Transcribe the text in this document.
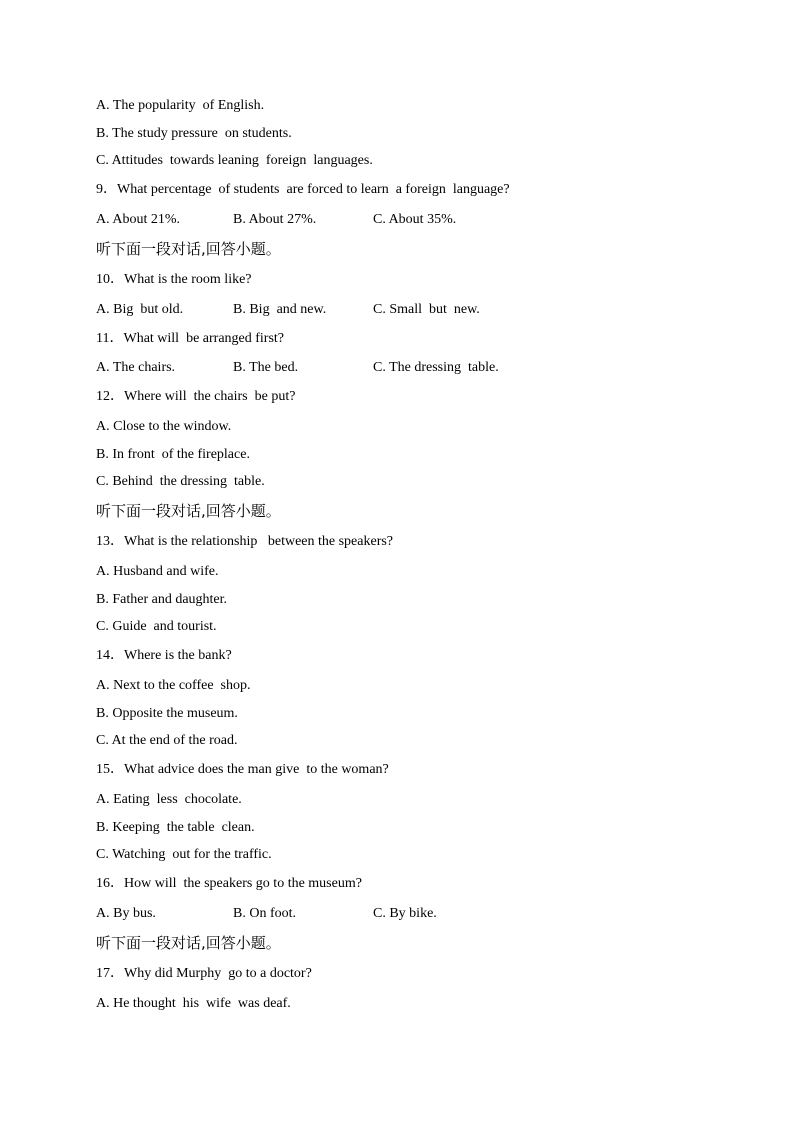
A. The popularity  of English.
B. The study pressure  on students.
C. Attitudes  towards leaning  foreign  languages.
9．What percentage  of students  are forced to learn  a foreign  language?
A. About 21%.	B. About 27%.	C. About 35%.
听下面一段对话,回答小题。
10．What is the room like?
A. Big  but old.	B. Big  and new.	C. Small  but  new.
11．What will  be arranged first?
A. The chairs.	B. The bed.	C. The dressing  table.
12．Where will  the chairs  be put?
A. Close to the window.
B. In front  of the fireplace.
C. Behind  the dressing  table.
听下面一段对话,回答小题。
13．What is the relationship   between the speakers?
A. Husband and wife.
B. Father and daughter.
C. Guide  and tourist.
14．Where is the bank?
A. Next to the coffee  shop.
B. Opposite the museum.
C. At the end of the road.
15．What advice does the man give  to the woman?
A. Eating  less  chocolate.
B. Keeping  the table  clean.
C. Watching  out for the traffic.
16．How will  the speakers go to the museum?
A. By bus.	B. On foot.	C. By bike.
听下面一段对话,回答小题。
17．Why did Murphy  go to a doctor?
A. He thought  his  wife  was deaf.
